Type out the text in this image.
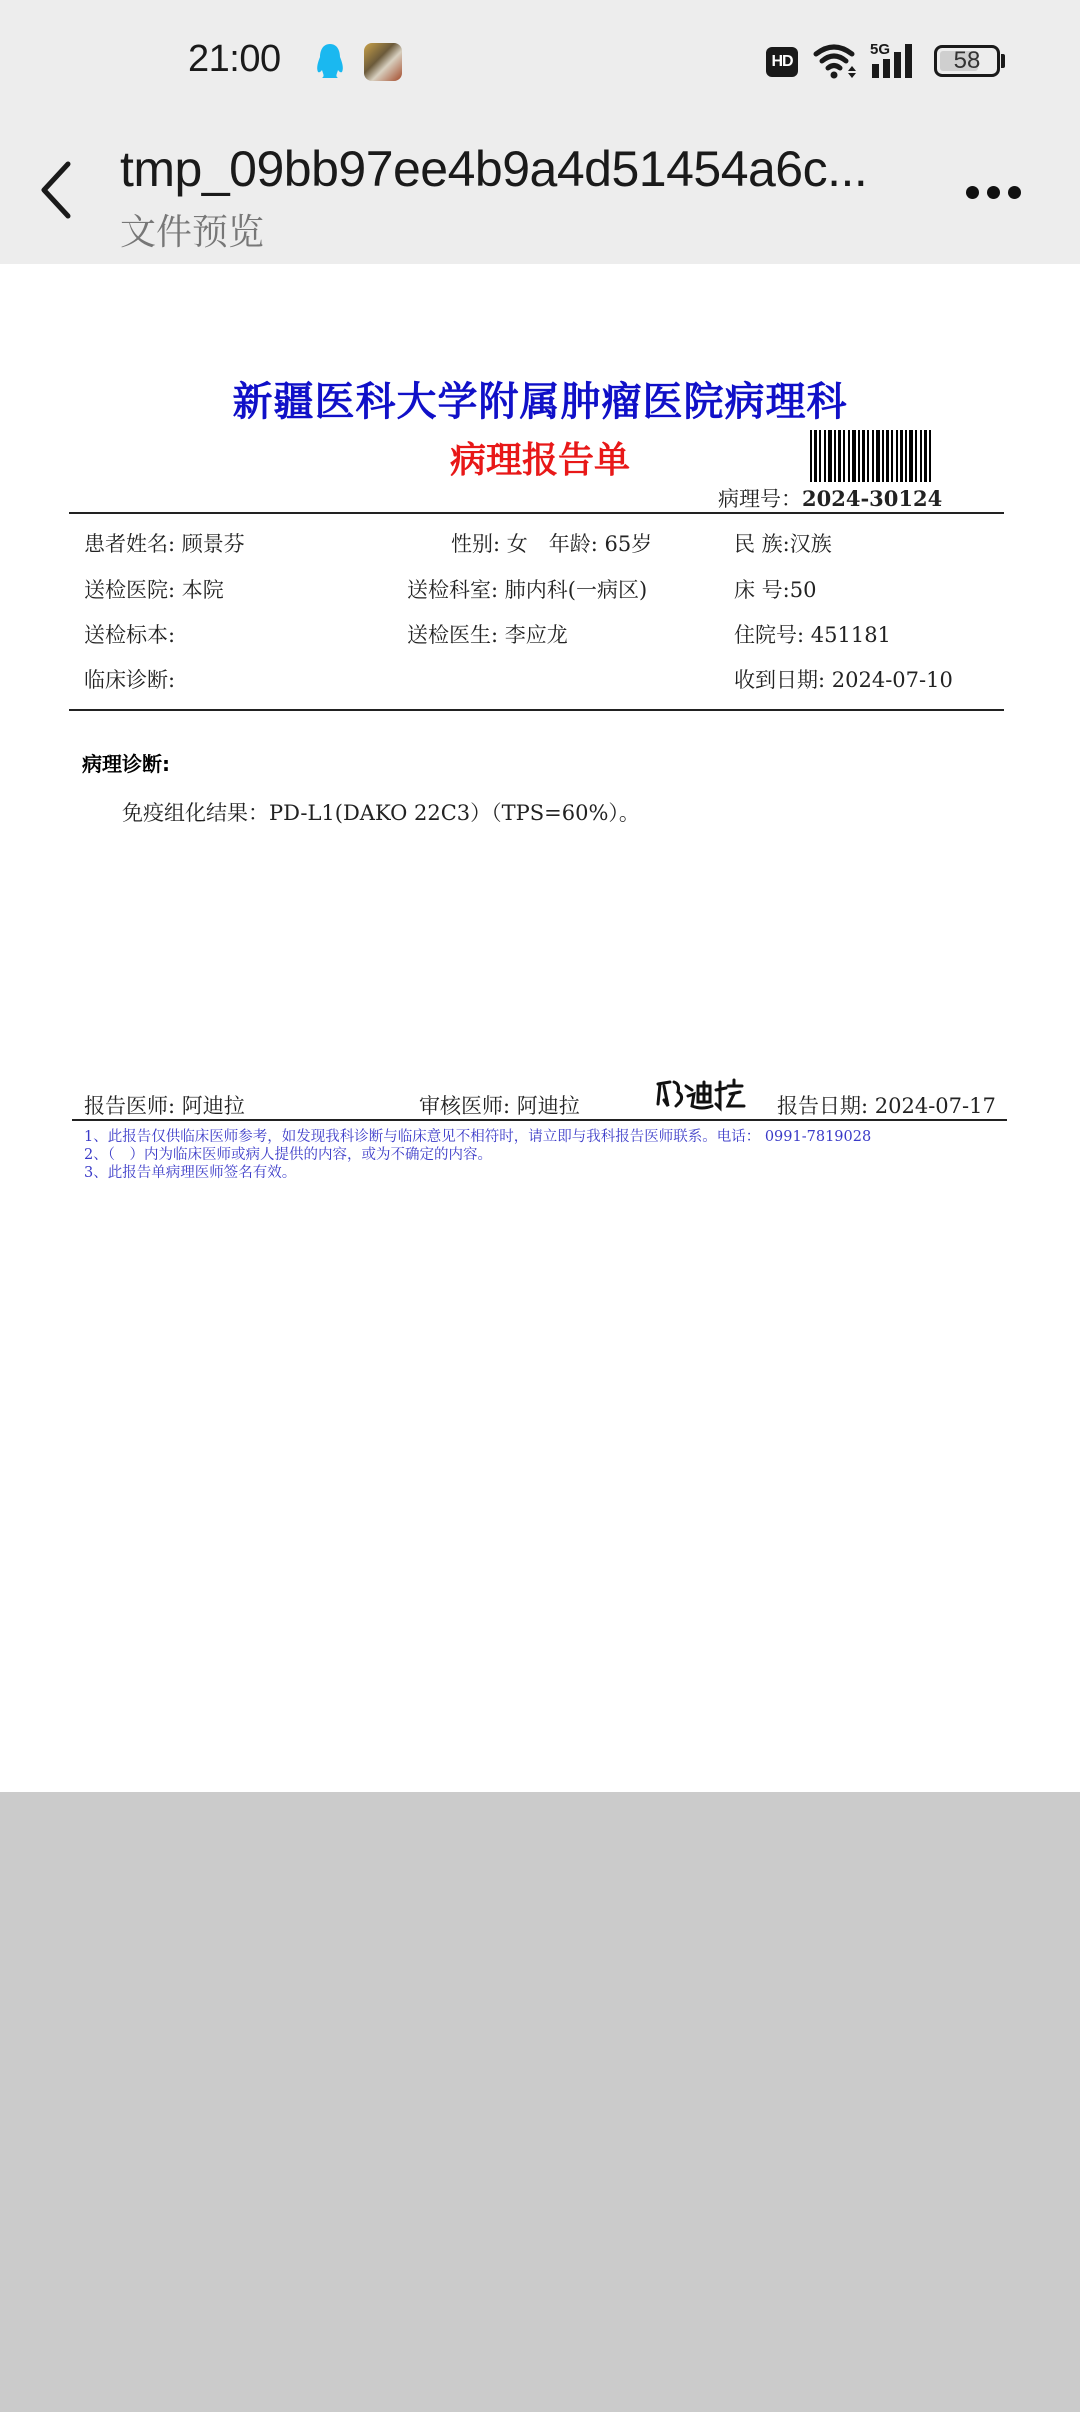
21:00	HD
5G	58
tmp_09bb97ee4b9a4d51454a6c...
文件预览
新疆医科大学附属肿瘤医院病理科
病理报告单
病理号：2024-30124
患者姓名: 顾景芬	性别: 女　年龄: 65岁	民 族:汉族
送检医院: 本院	送检科室: 肺内科(一病区)	床 号:50
送检标本:	送检医生: 李应龙	住院号: 451181
临床诊断:	收到日期: 2024-07-10
病理诊断:
免疫组化结果：PD-L1(DAKO 22C3）（TPS=60%）。
报告医师: 阿迪拉	审核医师: 阿迪拉	报告日期: 2024-07-17
1、此报告仅供临床医师参考，如发现我科诊断与临床意见不相符时，请立即与我科报告医师联系。电话： 0991-7819028
2、（　）内为临床医师或病人提供的内容，或为不确定的内容。
3、此报告单病理医师签名有效。
